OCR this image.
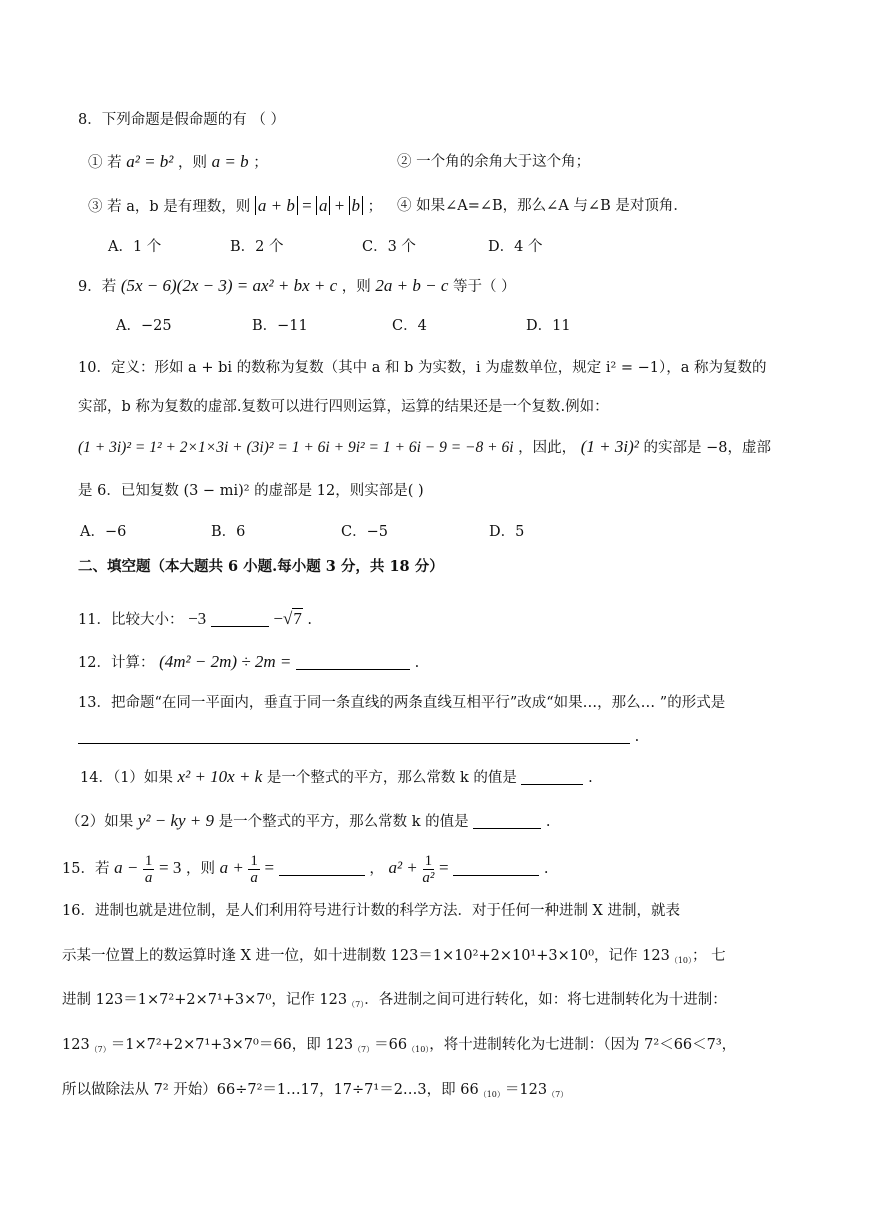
8．下列命题是假命题的有 （ ）
① 若 a² = b² ，则 a = b ；	② 一个角的余角大于这个角；
③ 若 a，b 是有理数，则 a + b = a + b ； ④ 如果∠A=∠B，那么∠A 与∠B 是对顶角．
A．1 个	B．2 个	C．3 个	D．4 个
9．若 (5x − 6)(2x − 3) = ax² + bx + c ，则 2a + b − c 等于（ ）
A．−25	B．−11	C．4	D．11
10．定义：形如 a + bi 的数称为复数（其中 a 和 b 为实数，i 为虚数单位，规定 i² = −1），a 称为复数的
实部，b 称为复数的虚部.复数可以进行四则运算，运算的结果还是一个复数.例如：
(1 + 3i)² = 1² + 2×1×3i + (3i)² = 1 + 6i + 9i² = 1 + 6i − 9 = −8 + 6i ，因此， (1 + 3i)² 的实部是 −8，虚部
是 6．已知复数 (3 − mi)² 的虚部是 12，则实部是( )
A．−6	B．6	C．−5	D．5
二、填空题（本大题共 6 小题.每小题 3 分，共 18 分）
11．比较大小： −3	−√7 .
12．计算： (4m² − 2m) ÷ 2m =	.
13．把命题“在同一平面内，垂直于同一条直线的两条直线互相平行”改成“如果…，那么… ”的形式是
.
14．（1）如果 x² + 10x + k 是一个整式的平方，那么常数 k 的值是	.
（2）如果 y² − ky + 9 是一个整式的平方，那么常数 k 的值是	.
15．若 $a - \frac{1}{a} = 3$ ，则 $a + \frac{1}{a}$ =	， $a^2 + \frac{1}{\text{a²}}$ =	.
16．进制也就是进位制，是人们利用符号进行计数的科学方法．对于任何一种进制 X 进制，就表
示某一位置上的数运算时逢 X 进一位，如十进制数 123＝1×10²+2×10¹+3×10⁰，记作 $123_{(10)}$； 七
进制 123＝1×7²+2×7¹+3×7⁰，记作 $123_{(7)}$．各进制之间可进行转化，如：将七进制转化为十进制：
$123_{(7)}=1\times 7^2+2\times 7^1+3\times 7^0=66$，即 $123_{(7)}=66_{(10)}$，将十进制转化为七进制：（因为 7²＜66＜7³，
所以做除法从 7² 开始）66÷7²＝1…17，17÷7¹＝2…3，即 $66_{(10)}=123_{(7)}$
